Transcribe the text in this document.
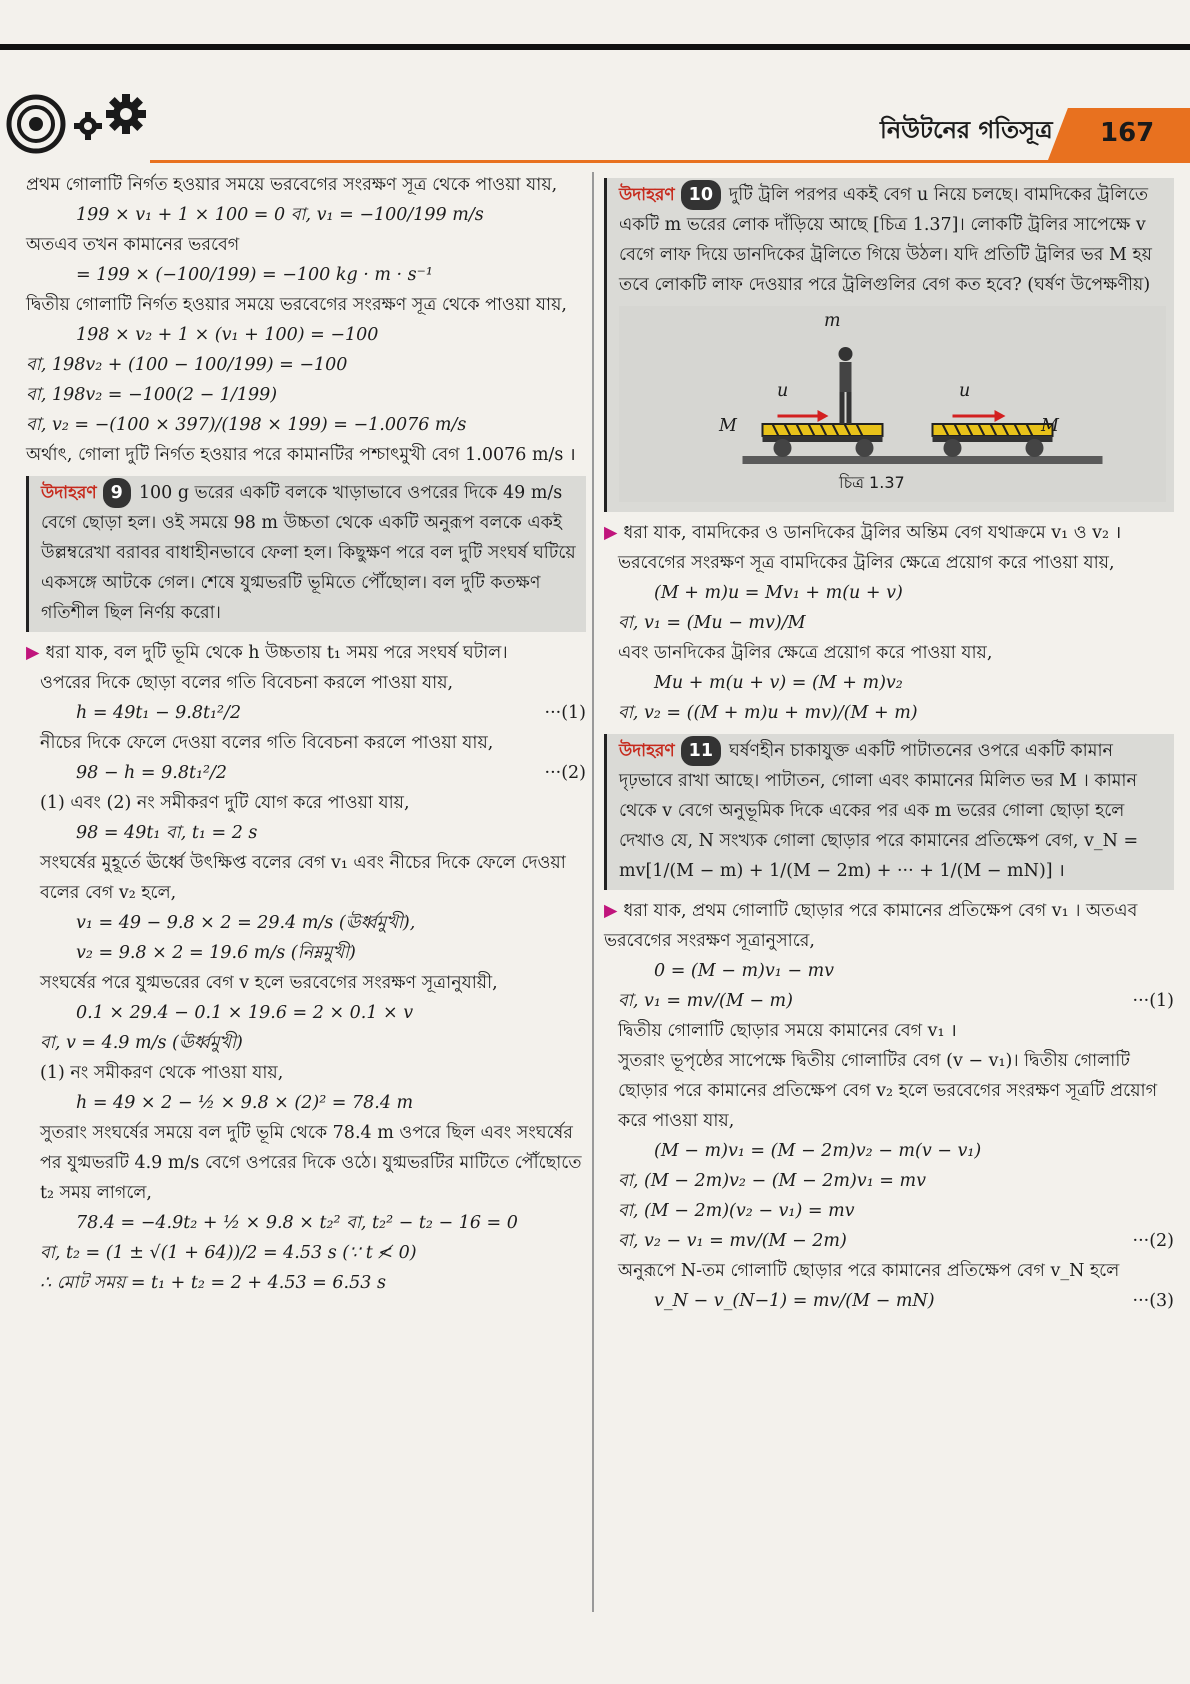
নিউটনের গতিসূত্র 167

প্রথম গোলাটি নির্গত হওয়ার সময়ে ভরবেগের সংরক্ষণ সূত্র থেকে পাওয়া যায়,

199 × v₁ + 1 × 100 = 0 বা, v₁ = −100/199 m/s

অতএব তখন কামানের ভরবেগ

= 199 × (−100/199) = −100 kg · m · s⁻¹

দ্বিতীয় গোলাটি নির্গত হওয়ার সময়ে ভরবেগের সংরক্ষণ সূত্র থেকে পাওয়া যায়,

198 × v₂ + 1 × (v₁ + 100) = −100

বা, 198v₂ + (100 − 100/199) = −100

বা, 198v₂ = −100(2 − 1/199)

বা, v₂ = −(100 × 397)/(198 × 199) = −1.0076 m/s

অর্থাৎ, গোলা দুটি নির্গত হওয়ার পরে কামানটির পশ্চাৎমুখী বেগ 1.0076 m/s ।

উদাহরণ 9 100 g ভরের একটি বলকে খাড়াভাবে ওপরের দিকে 49 m/s বেগে ছোড়া হল। ওই সময়ে 98 m উচ্চতা থেকে একটি অনুরূপ বলকে একই উল্লম্বরেখা বরাবর বাধাহীনভাবে ফেলা হল। কিছুক্ষণ পরে বল দুটি সংঘর্ষ ঘটিয়ে একসঙ্গে আটকে গেল। শেষে যুগ্মভরটি ভূমিতে পৌঁছোল। বল দুটি কতক্ষণ গতিশীল ছিল নির্ণয় করো।

▶ ধরা যাক, বল দুটি ভূমি থেকে h উচ্চতায় t₁ সময় পরে সংঘর্ষ ঘটাল।

ওপরের দিকে ছোড়া বলের গতি বিবেচনা করলে পাওয়া যায়,

···(1)
h = 49t₁ − 9.8t₁²/2

নীচের দিকে ফেলে দেওয়া বলের গতি বিবেচনা করলে পাওয়া যায়,

···(2)
98 − h = 9.8t₁²/2

(1) এবং (2) নং সমীকরণ দুটি যোগ করে পাওয়া যায়,

98 = 49t₁ বা, t₁ = 2 s

সংঘর্ষের মুহূর্তে ঊর্ধ্বে উৎক্ষিপ্ত বলের বেগ v₁ এবং নীচের দিকে ফেলে দেওয়া বলের বেগ v₂ হলে,

v₁ = 49 − 9.8 × 2 = 29.4 m/s (ঊর্ধ্বমুখী),

v₂ = 9.8 × 2 = 19.6 m/s (নিম্নমুখী)

সংঘর্ষের পরে যুগ্মভরের বেগ v হলে ভরবেগের সংরক্ষণ সূত্রানুযায়ী,

0.1 × 29.4 − 0.1 × 19.6 = 2 × 0.1 × v

বা, v = 4.9 m/s (ঊর্ধ্বমুখী)

(1) নং সমীকরণ থেকে পাওয়া যায়,

h = 49 × 2 − ½ × 9.8 × (2)² = 78.4 m

সুতরাং সংঘর্ষের সময়ে বল দুটি ভূমি থেকে 78.4 m ওপরে ছিল এবং সংঘর্ষের পর যুগ্মভরটি 4.9 m/s বেগে ওপরের দিকে ওঠে। যুগ্মভরটির মাটিতে পৌঁছোতে t₂ সময় লাগলে,

78.4 = −4.9t₂ + ½ × 9.8 × t₂² বা, t₂² − t₂ − 16 = 0

বা, t₂ = (1 ± √(1 + 64))/2 = 4.53 s (∵ t ≮ 0)

∴ মোট সময় = t₁ + t₂ = 2 + 4.53 = 6.53 s

উদাহরণ 10 দুটি ট্রলি পরপর একই বেগ u নিয়ে চলছে। বামদিকের ট্রলিতে একটি m ভরের লোক দাঁড়িয়ে আছে [চিত্র 1.37]। লোকটি ট্রলির সাপেক্ষে v বেগে লাফ দিয়ে ডানদিকের ট্রলিতে গিয়ে উঠল। যদি প্রতিটি ট্রলির ভর M হয় তবে লোকটি লাফ দেওয়ার পরে ট্রলিগুলির বেগ কত হবে? (ঘর্ষণ উপেক্ষণীয়)
m
u	u
M	M
চিত্র 1.37

▶ ধরা যাক, বামদিকের ও ডানদিকের ট্রলির অন্তিম বেগ যথাক্রমে v₁ ও v₂ ।

ভরবেগের সংরক্ষণ সূত্র বামদিকের ট্রলির ক্ষেত্রে প্রয়োগ করে পাওয়া যায়,

(M + m)u = Mv₁ + m(u + v)

বা, v₁ = (Mu − mv)/M

এবং ডানদিকের ট্রলির ক্ষেত্রে প্রয়োগ করে পাওয়া যায়,

Mu + m(u + v) = (M + m)v₂

বা, v₂ = ((M + m)u + mv)/(M + m)

উদাহরণ 11 ঘর্ষণহীন চাকাযুক্ত একটি পাটাতনের ওপরে একটি কামান দৃঢ়ভাবে রাখা আছে। পাটাতন, গোলা এবং কামানের মিলিত ভর M । কামান থেকে v বেগে অনুভূমিক দিকে একের পর এক m ভরের গোলা ছোড়া হলে দেখাও যে, N সংখ্যক গোলা ছোড়ার পরে কামানের প্রতিক্ষেপ বেগ, v_N = mv[1/(M − m) + 1/(M − 2m) + ··· + 1/(M − mN)] ।

▶ ধরা যাক, প্রথম গোলাটি ছোড়ার পরে কামানের প্রতিক্ষেপ বেগ v₁ । অতএব ভরবেগের সংরক্ষণ সূত্রানুসারে,

0 = (M − m)v₁ − mv

···(1)
বা, v₁ = mv/(M − m)

দ্বিতীয় গোলাটি ছোড়ার সময়ে কামানের বেগ v₁ ।

সুতরাং ভূপৃষ্ঠের সাপেক্ষে দ্বিতীয় গোলাটির বেগ (v − v₁)। দ্বিতীয় গোলাটি ছোড়ার পরে কামানের প্রতিক্ষেপ বেগ v₂ হলে ভরবেগের সংরক্ষণ সূত্রটি প্রয়োগ করে পাওয়া যায়,

(M − m)v₁ = (M − 2m)v₂ − m(v − v₁)

বা, (M − 2m)v₂ − (M − 2m)v₁ = mv

বা, (M − 2m)(v₂ − v₁) = mv

···(2)
বা, v₂ − v₁ = mv/(M − 2m)

অনুরূপে N-তম গোলাটি ছোড়ার পরে কামানের প্রতিক্ষেপ বেগ v_N হলে

···(3)
v_N − v_(N−1) = mv/(M − mN)
